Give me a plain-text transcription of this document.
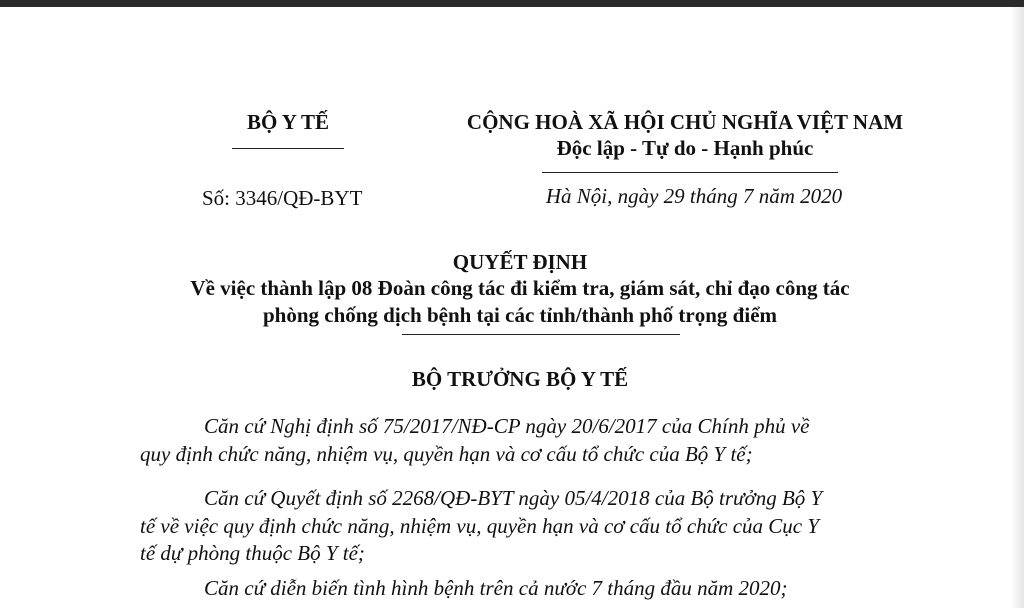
BỘ Y TẾ
Số: 3346/QĐ-BYT
CỘNG HOÀ XÃ HỘI CHỦ NGHĨA VIỆT NAM
Độc lập - Tự do - Hạnh phúc
Hà Nội, ngày 29 tháng 7 năm 2020
QUYẾT ĐỊNH
Về việc thành lập 08 Đoàn công tác đi kiểm tra, giám sát, chỉ đạo công tác
phòng chống dịch bệnh tại các tỉnh/thành phố trọng điểm
BỘ TRƯỞNG BỘ Y TẾ
Căn cứ Nghị định số 75/2017/NĐ-CP ngày 20/6/2017 của Chính phủ về
quy định chức năng, nhiệm vụ, quyền hạn và cơ cấu tổ chức của Bộ Y tế;
Căn cứ Quyết định số 2268/QĐ-BYT ngày 05/4/2018 của Bộ trưởng Bộ Y
tế về việc quy định chức năng, nhiệm vụ, quyền hạn và cơ cấu tổ chức của Cục Y
tế dự phòng thuộc Bộ Y tế;
Căn cứ diễn biến tình hình bệnh trên cả nước 7 tháng đầu năm 2020;
